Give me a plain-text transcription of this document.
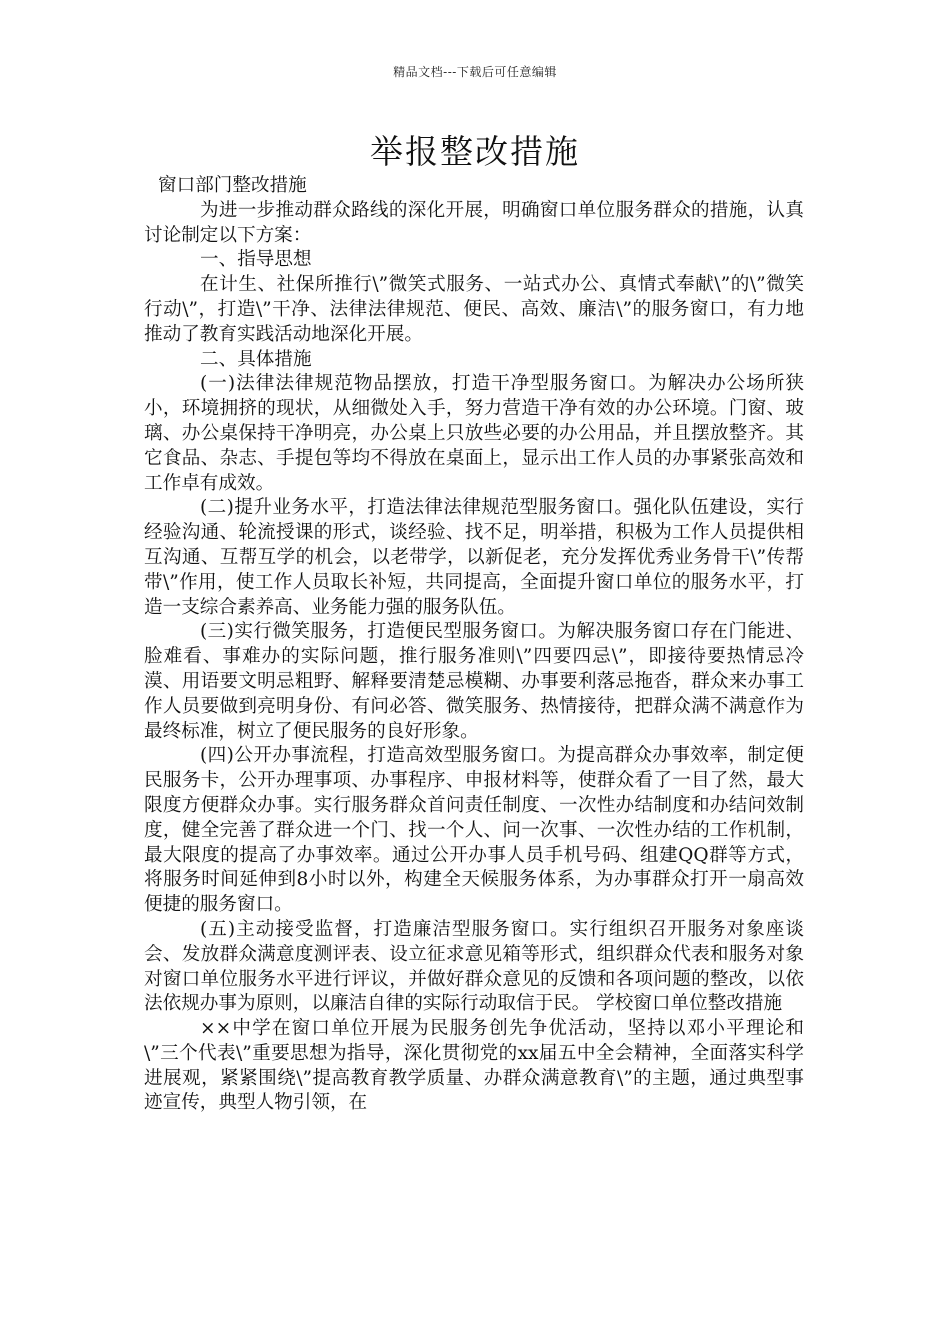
精品文档---下载后可任意编辑
举报整改措施

窗口部门整改措施

为进一步推动群众路线的深化开展，明确窗口单位服务群众的措施，认真讨论制定以下方案：

一、指导思想

在计生、社保所推行\”微笑式服务、一站式办公、真情式奉献\”的\”微笑行动\”，打造\”干净、法律法律规范、便民、高效、廉洁\”的服务窗口，有力地推动了教育实践活动地深化开展。

二、具体措施

(一)法律法律规范物品摆放，打造干净型服务窗口。为解决办公场所狭小，环境拥挤的现状，从细微处入手，努力营造干净有效的办公环境。门窗、玻璃、办公桌保持干净明亮，办公桌上只放些必要的办公用品，并且摆放整齐。其它食品、杂志、手提包等均不得放在桌面上，显示出工作人员的办事紧张高效和工作卓有成效。

(二)提升业务水平，打造法律法律规范型服务窗口。强化队伍建设，实行经验沟通、轮流授课的形式，谈经验、找不足，明举措，积极为工作人员提供相互沟通、互帮互学的机会，以老带学，以新促老，充分发挥优秀业务骨干\”传帮带\”作用，使工作人员取长补短，共同提高，全面提升窗口单位的服务水平，打造一支综合素养高、业务能力强的服务队伍。

(三)实行微笑服务，打造便民型服务窗口。为解决服务窗口存在门能进、脸难看、事难办的实际问题，推行服务准则\”四要四忌\”，即接待要热情忌冷漠、用语要文明忌粗野、解释要清楚忌模糊、办事要利落忌拖沓，群众来办事工作人员要做到亮明身份、有问必答、微笑服务、热情接待，把群众满不满意作为最终标准，树立了便民服务的良好形象。

(四)公开办事流程，打造高效型服务窗口。为提高群众办事效率，制定便民服务卡，公开办理事项、办事程序、申报材料等，使群众看了一目了然，最大限度方便群众办事。实行服务群众首问责任制度、一次性办结制度和办结问效制度，健全完善了群众进一个门、找一个人、问一次事、一次性办结的工作机制，最大限度的提高了办事效率。通过公开办事人员手机号码、组建QQ群等方式，将服务时间延伸到8小时以外，构建全天候服务体系，为办事群众打开一扇高效便捷的服务窗口。

(五)主动接受监督，打造廉洁型服务窗口。实行组织召开服务对象座谈会、发放群众满意度测评表、设立征求意见箱等形式，组织群众代表和服务对象对窗口单位服务水平进行评议，并做好群众意见的反馈和各项问题的整改，以依法依规办事为原则，以廉洁自律的实际行动取信于民。 学校窗口单位整改措施

××中学在窗口单位开展为民服务创先争优活动，坚持以邓小平理论和\”三个代表\”重要思想为指导，深化贯彻党的xx届五中全会精神，全面落实科学进展观，紧紧围绕\”提高教育教学质量、办群众满意教育\”的主题，通过典型事迹宣传，典型人物引领，在
